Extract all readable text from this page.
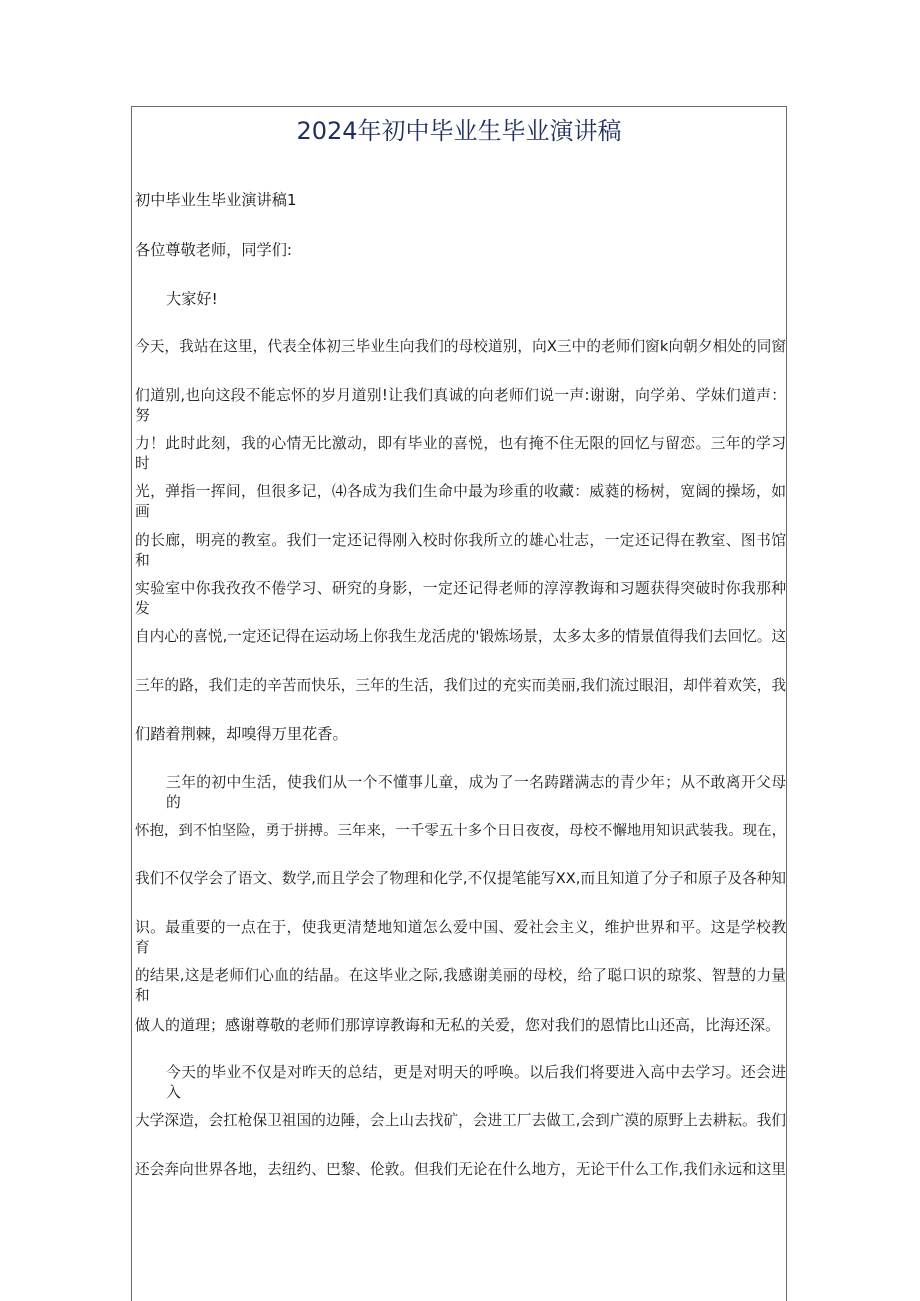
2024年初中毕业生毕业演讲稿
初中毕业生毕业演讲稿1
各位尊敬老师，同学们:
大家好!
今天，我站在这里，代表全体初三毕业生向我们的母校道别，向X三中的老师们窗k向朝夕相处的同窗
们道别,也向这段不能忘怀的岁月道别!让我们真诚的向老师们说一声:谢谢，向学弟、学妹们道声：努
力！此时此刻，我的心情无比激动，即有毕业的喜悦，也有掩不住无限的回忆与留恋。三年的学习时
光，弹指一挥间，但很多记，⑷各成为我们生命中最为珍重的收藏：威蕤的杨树，宽阔的操场，如画
的长廊，明亮的教室。我们一定还记得刚入校时你我所立的雄心壮志，一定还记得在教室、图书馆和
实验室中你我孜孜不倦学习、研究的身影，一定还记得老师的淳淳教诲和习题获得突破时你我那种发
自内心的喜悦,一定还记得在运动场上你我生龙活虎的'锻炼场景，太多太多的情景值得我们去回忆。这
三年的路，我们走的辛苦而快乐，三年的生活，我们过的充实而美丽,我们流过眼泪，却伴着欢笑，我
们踏着荆棘，却嗅得万里花香。
三年的初中生活，使我们从一个不懂事儿童，成为了一名踌躇满志的青少年；从不敢离开父母的
怀抱，到不怕坚险，勇于拼搏。三年来，一千零五十多个日日夜夜，母校不懈地用知识武装我。现在，
我们不仅学会了语文、数学,而且学会了物理和化学,不仅提笔能写XX,而且知道了分子和原子及各种知
识。最重要的一点在于，使我更清楚地知道怎么爱中国、爱社会主义，维护世界和平。这是学校教育
的结果,这是老师们心血的结晶。在这毕业之际,我感谢美丽的母校，给了聪口识的琼浆、智慧的力量和
做人的道理；感谢尊敬的老师们那谆谆教诲和无私的关爱，您对我们的恩情比山还高，比海还深。
今天的毕业不仅是对昨天的总结，更是对明天的呼唤。以后我们将要进入高中去学习。还会进入
大学深造，会扛枪保卫祖国的边陲，会上山去找矿，会进工厂去做工,会到广漠的原野上去耕耘。我们
还会奔向世界各地，去纽约、巴黎、伦敦。但我们无论在什么地方，无论干什么工作,我们永远和这里
